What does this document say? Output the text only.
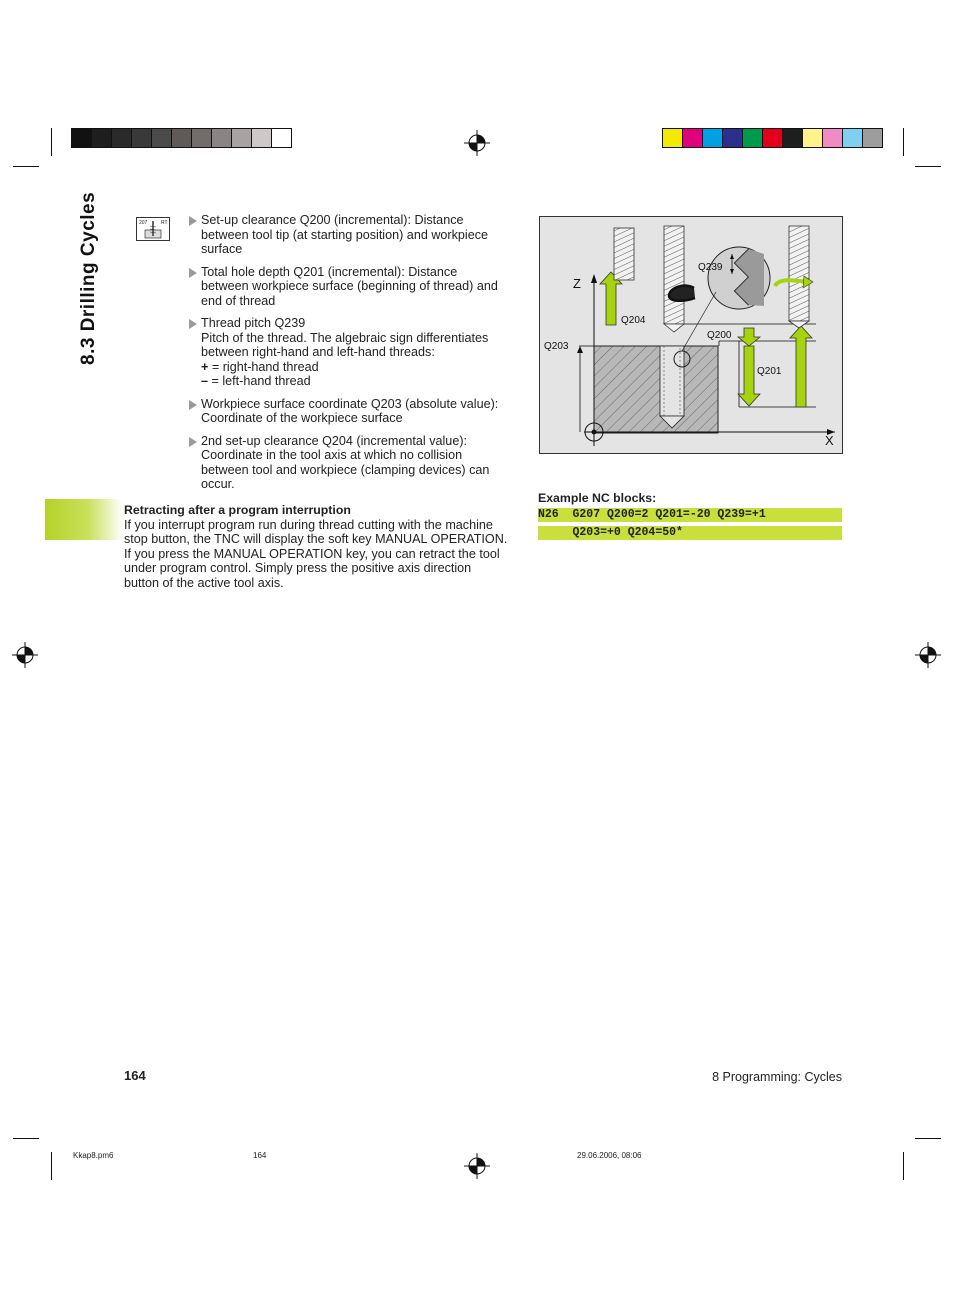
8.3 Drilling Cycles	207	RT	Set-up clearance Q200 (incremental): Distance

between tool tip (at starting position) and workpiece

surface

Total hole depth Q201 (incremental): Distance

between workpiece surface (beginning of thread) and

end of thread

Thread pitch Q239

Pitch of the thread. The algebraic sign differentiates

between right-hand and left-hand threads:

+ = right-hand thread

– = left-hand thread

Workpiece surface coordinate Q203 (absolute value):

Coordinate of the workpiece surface

2nd set-up clearance Q204 (incremental value):

Coordinate in the tool axis at which no collision

between tool and workpiece (clamping devices) can

occur.

Retracting after a program interruption
If you interrupt program run during thread cutting with the machine
stop button, the TNC will display the soft key MANUAL OPERATION.
If you press the MANUAL OPERATION key, you can retract the tool
under program control. Simply press the positive axis direction
button of the active tool axis.
Z
X
Q239
Q204
Q200
Q203
Q201
Example NC blocks:
N26  G207 Q200=2 Q201=-20 Q239=+1
Q203=+0 Q204=50*
164	8 Programming: Cycles
Kkap8.pm6	164	29.06.2006, 08:06
